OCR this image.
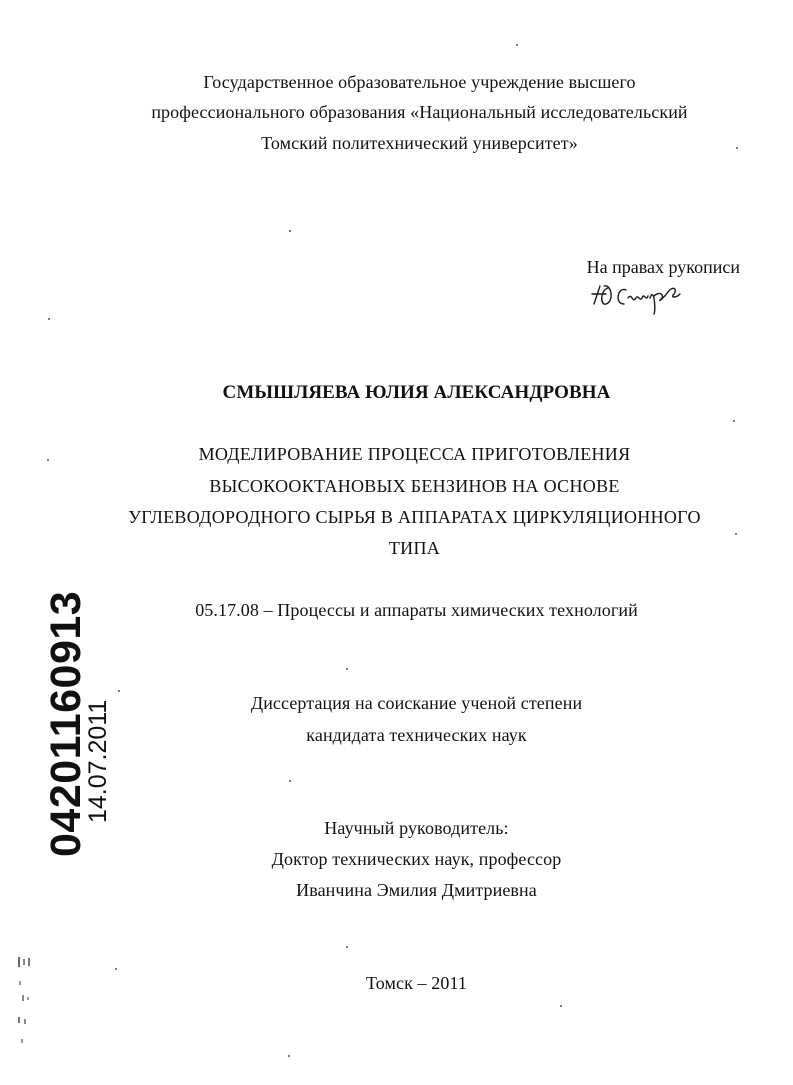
Государственное образовательное учреждение высшего
профессионального образования «Национальный исследовательский
Томский политехнический университет»
На правах рукописи
СМЫШЛЯЕВА ЮЛИЯ АЛЕКСАНДРОВНА
МОДЕЛИРОВАНИЕ ПРОЦЕССА ПРИГОТОВЛЕНИЯ
ВЫСОКООКТАНОВЫХ БЕНЗИНОВ НА ОСНОВЕ
УГЛЕВОДОРОДНОГО СЫРЬЯ В АППАРАТАХ ЦИРКУЛЯЦИОННОГО
ТИПА
05.17.08 – Процессы и аппараты химических технологий
Диссертация на соискание ученой степени
кандидата технических наук
Научный руководитель:
Доктор технических наук, профессор
Иванчина Эмилия Дмитриевна
Томск – 2011
04201160913
14.07.2011
